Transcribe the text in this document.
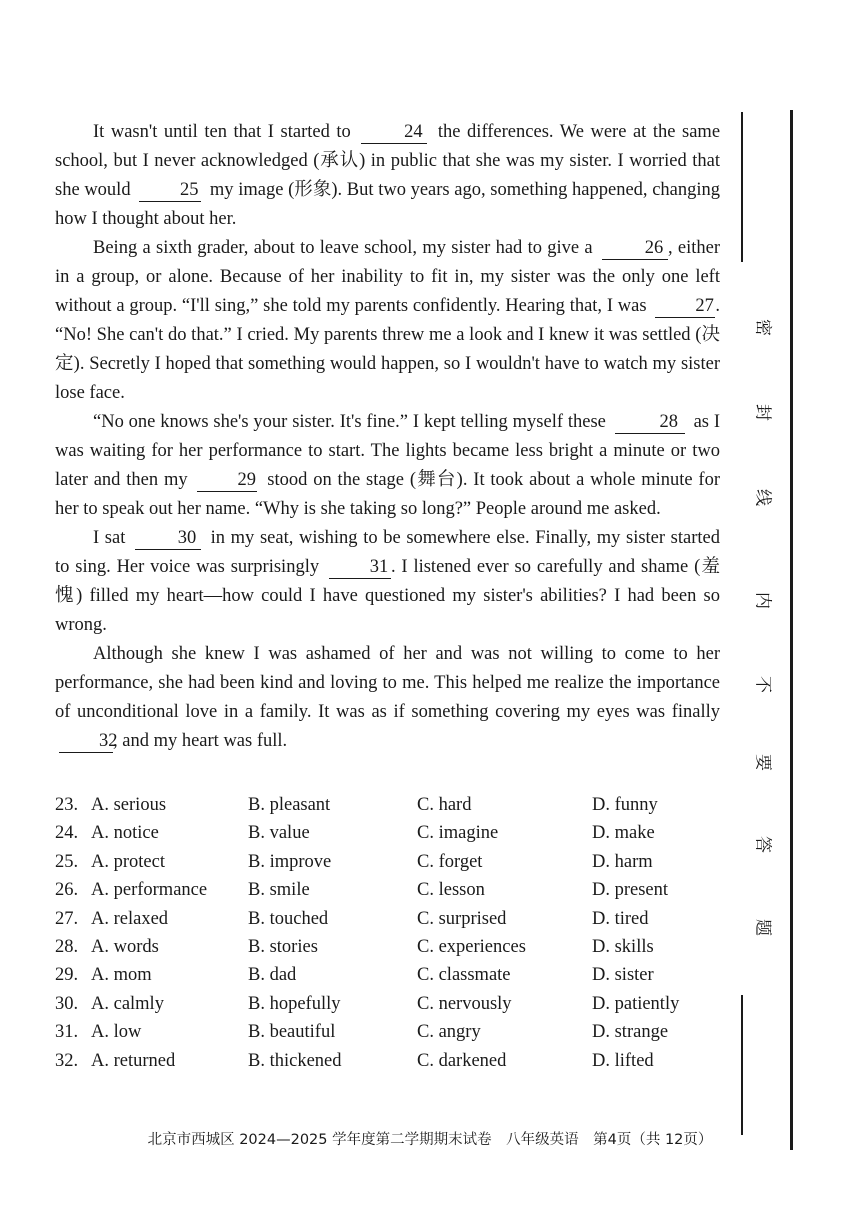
It wasn't until ten that I started to	24 the differences. We were at the same school, but I never acknowledged (承认) in public that she was my sister. I worried that she would	25 my image (形象). But two years ago, something happened, changing how I thought about her.

Being a sixth grader, about to leave school, my sister had to give a	26 , either in a group, or alone. Because of her inability to fit in, my sister was the only one left without a group. “I'll sing,” she told my parents confidently. Hearing that, I was	27. “No! She can't do that.” I cried. My parents threw me a look and I knew it was settled (决定). Secretly I hoped that something would happen, so I wouldn't have to watch my sister lose face.

“No one knows she's your sister. It's fine.” I kept telling myself these	28 as I was waiting for her performance to start. The lights became less bright a minute or two later and then my	29 stood on the stage (舞台). It took about a whole minute for her to speak out her name. “Why is she taking so long?” People around me asked.

I sat	30 in my seat, wishing to be somewhere else. Finally, my sister started to sing. Her voice was surprisingly	31 . I listened ever so carefully and shame (羞愧) filled my heart—how could I have questioned my sister's abilities? I had been so wrong.

Although she knew I was ashamed of her and was not willing to come to her performance, she had been kind and loving to me. This helped me realize the importance of unconditional love in a family. It was as if something covering my eyes was finally 32, and my heart was full.

23. A. serious	B. pleasant	C. hard	D. funny
24. A. notice	B. value	C. imagine	D. make
25. A. protect	B. improve	C. forget	D. harm
26. A. performance B. smile	C. lesson	D. present
27. A. relaxed	B. touched	C. surprised	D. tired
28. A. words	B. stories	C. experiences	D. skills
29. A. mom	B. dad	C. classmate	D. sister
30. A. calmly	B. hopefully	C. nervously	D. patiently
31. A. low	B. beautiful	C. angry	D. strange
32. A. returned	B. thickened	C. darkened	D. lifted
北京市西城区 2024—2025 学年度第二学期期末试卷　八年级英语　第4页（共 12页）
密
封
线
内
不
要
答
题
